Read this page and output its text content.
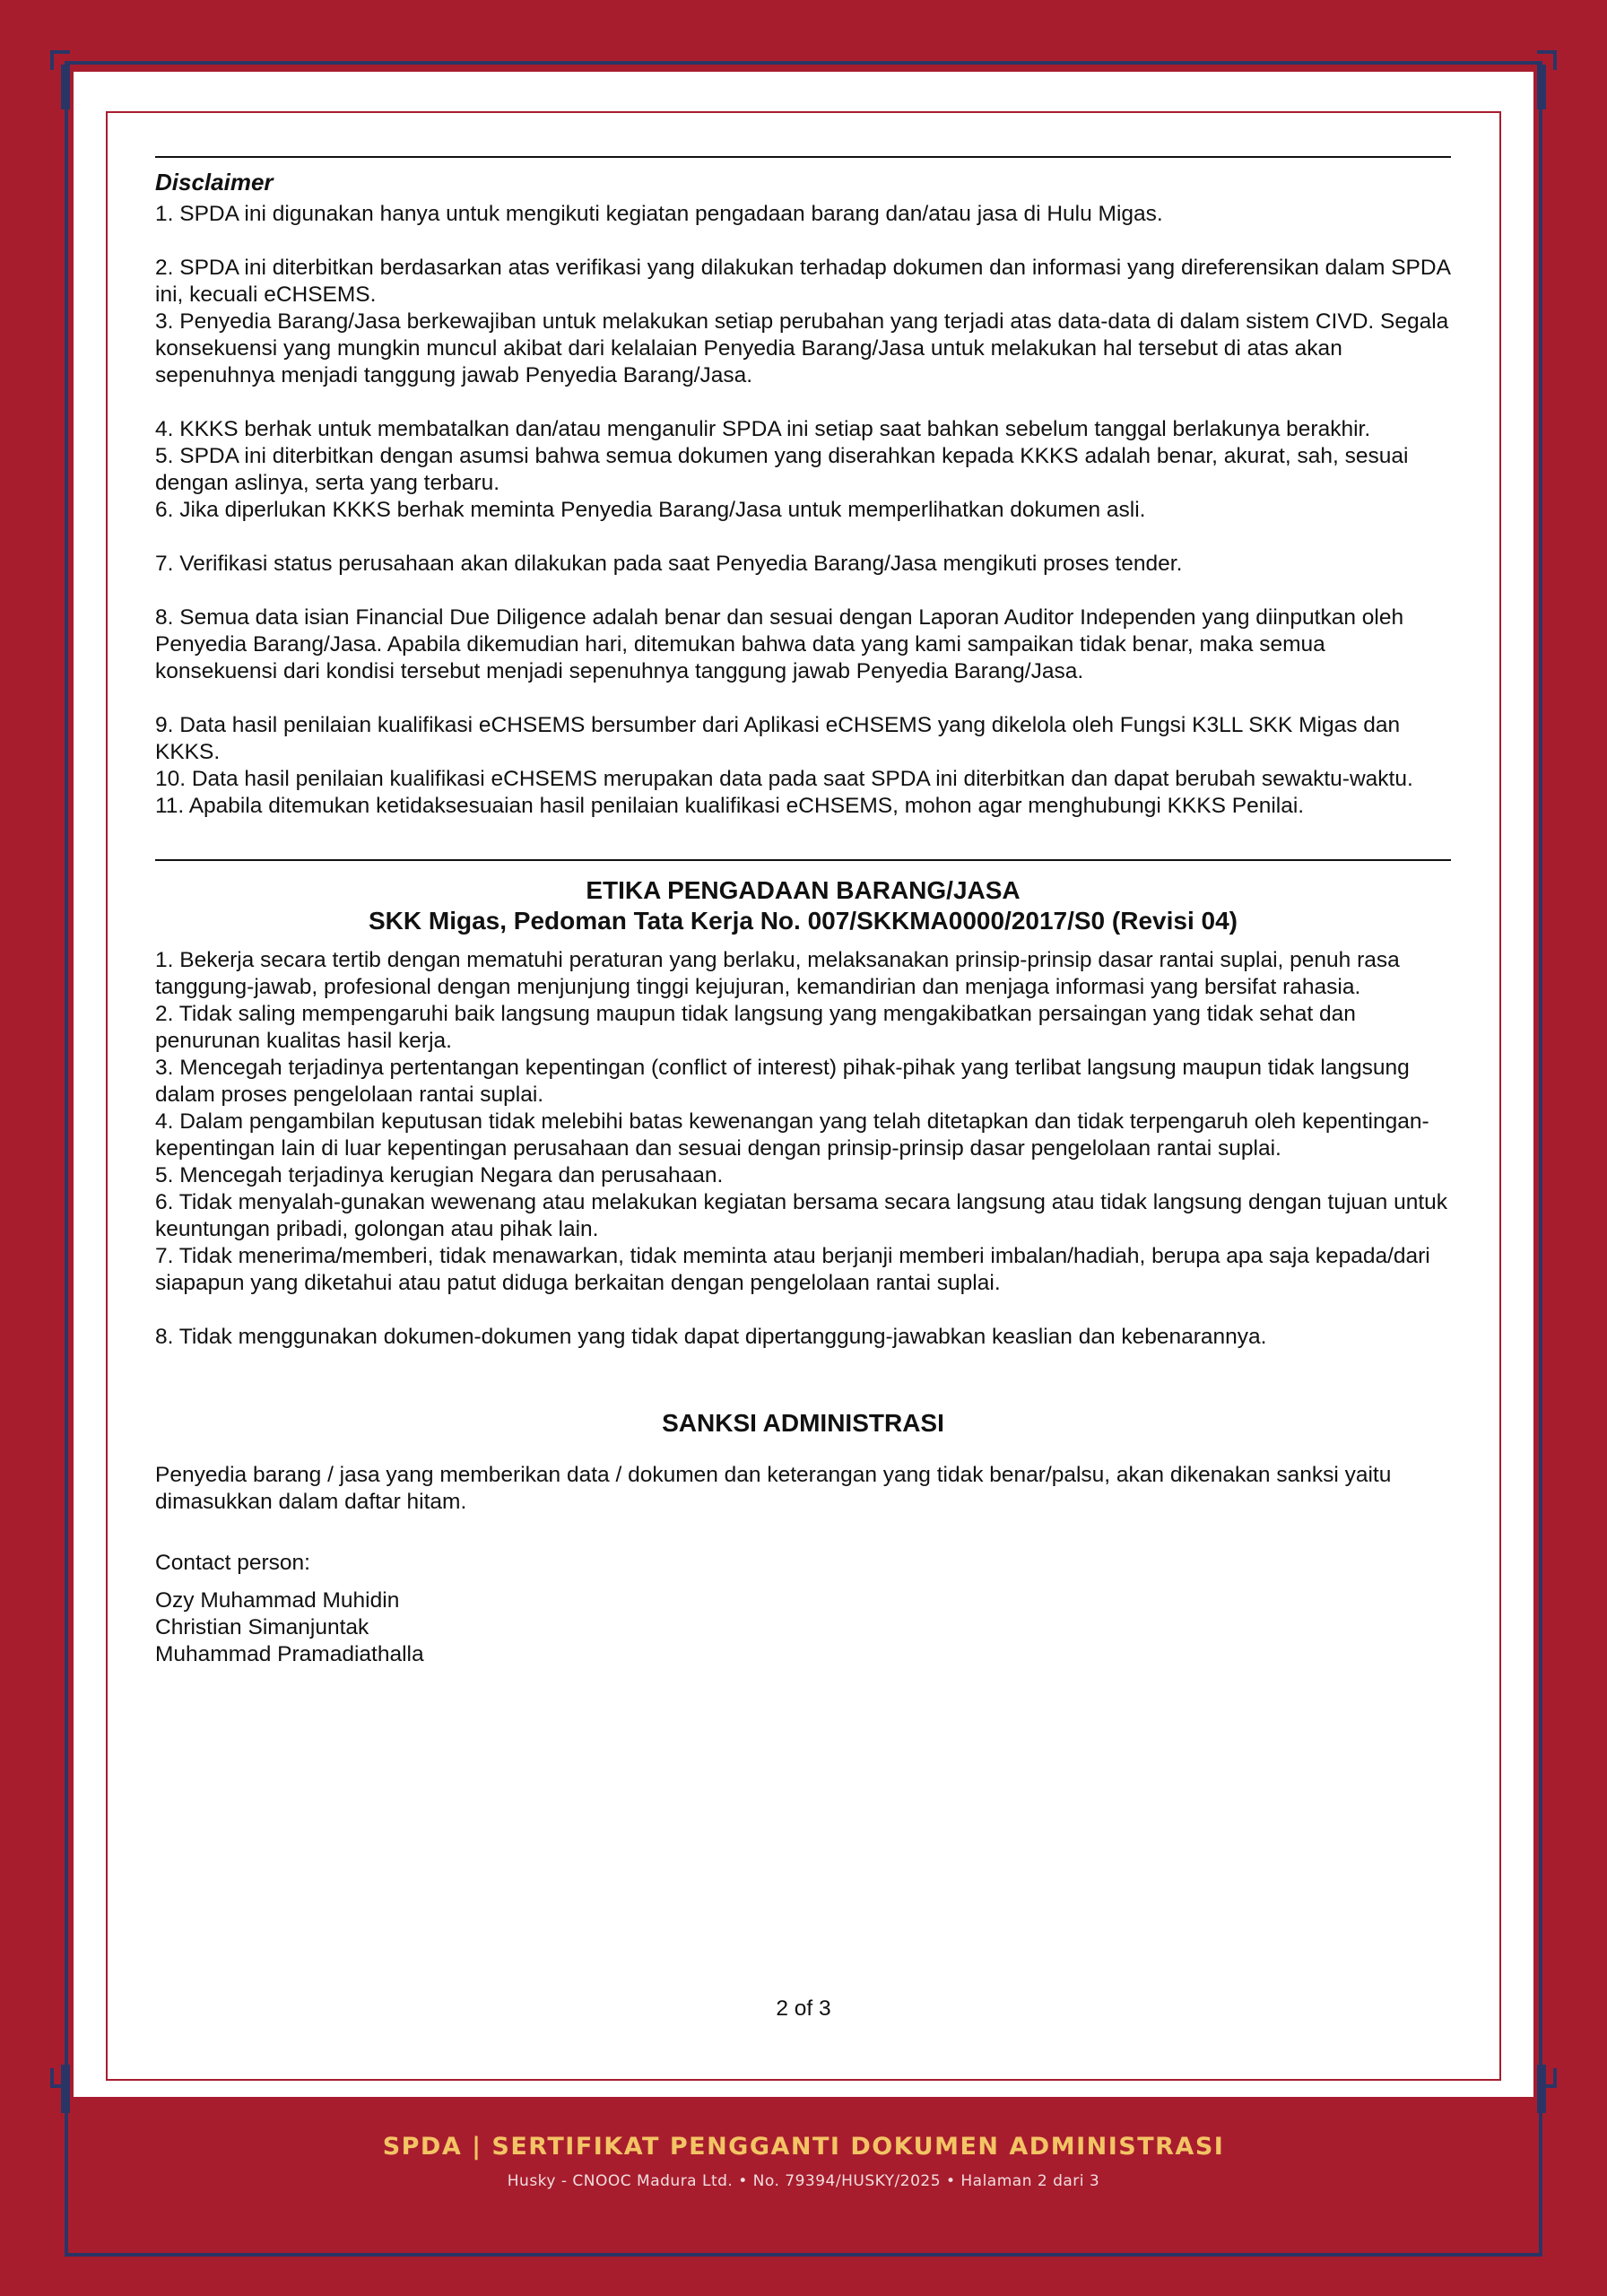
Disclaimer

1. SPDA ini digunakan hanya untuk mengikuti kegiatan pengadaan barang dan/atau jasa di Hulu Migas.

2. SPDA ini diterbitkan berdasarkan atas verifikasi yang dilakukan terhadap dokumen dan informasi yang direferensikan dalam SPDA ini, kecuali eCHSEMS.

3. Penyedia Barang/Jasa berkewajiban untuk melakukan setiap perubahan yang terjadi atas data-data di dalam sistem CIVD. Segala konsekuensi yang mungkin muncul akibat dari kelalaian Penyedia Barang/Jasa untuk melakukan hal tersebut di atas akan sepenuhnya menjadi tanggung jawab Penyedia Barang/Jasa.

4. KKKS berhak untuk membatalkan dan/atau menganulir SPDA ini setiap saat bahkan sebelum tanggal berlakunya berakhir.

5. SPDA ini diterbitkan dengan asumsi bahwa semua dokumen yang diserahkan kepada KKKS adalah benar, akurat, sah, sesuai dengan aslinya, serta yang terbaru.

6. Jika diperlukan KKKS berhak meminta Penyedia Barang/Jasa untuk memperlihatkan dokumen asli.

7. Verifikasi status perusahaan akan dilakukan pada saat Penyedia Barang/Jasa mengikuti proses tender.

8. Semua data isian Financial Due Diligence adalah benar dan sesuai dengan Laporan Auditor Independen yang diinputkan oleh Penyedia Barang/Jasa. Apabila dikemudian hari, ditemukan bahwa data yang kami sampaikan tidak benar, maka semua konsekuensi dari kondisi tersebut menjadi sepenuhnya tanggung jawab Penyedia Barang/Jasa.

9. Data hasil penilaian kualifikasi eCHSEMS bersumber dari Aplikasi eCHSEMS yang dikelola oleh Fungsi K3LL SKK Migas dan KKKS.

10. Data hasil penilaian kualifikasi eCHSEMS merupakan data pada saat SPDA ini diterbitkan dan dapat berubah sewaktu-waktu.

11. Apabila ditemukan ketidaksesuaian hasil penilaian kualifikasi eCHSEMS, mohon agar menghubungi KKKS Penilai.

ETIKA PENGADAAN BARANG/JASA
SKK Migas, Pedoman Tata Kerja No. 007/SKKMA0000/2017/S0 (Revisi 04)

1. Bekerja secara tertib dengan mematuhi peraturan yang berlaku, melaksanakan prinsip-prinsip dasar rantai suplai, penuh rasa tanggung-jawab, profesional dengan menjunjung tinggi kejujuran, kemandirian dan menjaga informasi yang bersifat rahasia.

2. Tidak saling mempengaruhi baik langsung maupun tidak langsung yang mengakibatkan persaingan yang tidak sehat dan penurunan kualitas hasil kerja.

3. Mencegah terjadinya pertentangan kepentingan (conflict of interest) pihak-pihak yang terlibat langsung maupun tidak langsung dalam proses pengelolaan rantai suplai.

4. Dalam pengambilan keputusan tidak melebihi batas kewenangan yang telah ditetapkan dan tidak terpengaruh oleh kepentingan-kepentingan lain di luar kepentingan perusahaan dan sesuai dengan prinsip-prinsip dasar pengelolaan rantai suplai.

5. Mencegah terjadinya kerugian Negara dan perusahaan.

6. Tidak menyalah-gunakan wewenang atau melakukan kegiatan bersama secara langsung atau tidak langsung dengan tujuan untuk keuntungan pribadi, golongan atau pihak lain.

7. Tidak menerima/memberi, tidak menawarkan, tidak meminta atau berjanji memberi imbalan/hadiah, berupa apa saja kepada/dari siapapun yang diketahui atau patut diduga berkaitan dengan pengelolaan rantai suplai.

8. Tidak menggunakan dokumen-dokumen yang tidak dapat dipertanggung-jawabkan keaslian dan kebenarannya.

SANKSI ADMINISTRASI

Penyedia barang / jasa yang memberikan data / dokumen dan keterangan yang tidak benar/palsu, akan dikenakan sanksi yaitu dimasukkan dalam daftar hitam.

Contact person:

Ozy Muhammad Muhidin

Christian Simanjuntak

Muhammad Pramadiathalla

2 of 3
SPDA | SERTIFIKAT PENGGANTI DOKUMEN ADMINISTRASI
Husky - CNOOC Madura Ltd. • No. 79394/HUSKY/2025 • Halaman 2 dari 3
